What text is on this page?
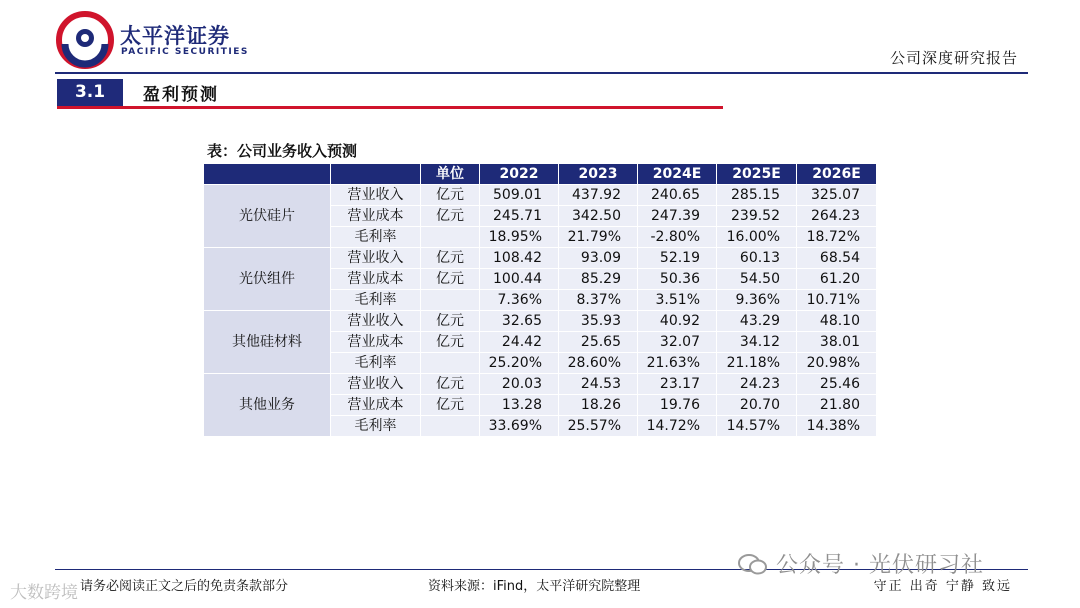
太平洋证券
PACIFIC SECURITIES	公司深度研究报告
3.1	盈利预测
表：公司业务收入预测
		单位	2022	2023	2024E	2025E	2026E
光伏硅片	营业收入	亿元	509.01	437.92	240.65	285.15	325.07
	营业成本	亿元	245.71	342.50	247.39	239.52	264.23
	毛利率		18.95%	21.79%	-2.80%	16.00%	18.72%
光伏组件	营业收入	亿元	108.42	93.09	52.19	60.13	68.54
	营业成本	亿元	100.44	85.29	50.36	54.50	61.20
	毛利率		7.36%	8.37%	3.51%	9.36%	10.71%
其他硅材料	营业收入	亿元	32.65	35.93	40.92	43.29	48.10
	营业成本	亿元	24.42	25.65	32.07	34.12	38.01
	毛利率		25.20%	28.60%	21.63%	21.18%	20.98%
其他业务	营业收入	亿元	20.03	24.53	23.17	24.23	25.46
	营业成本	亿元	13.28	18.26	19.76	20.70	21.80
	毛利率		33.69%	25.57%	14.72%	14.57%	14.38%
请务必阅读正文之后的免责条款部分	资料来源：iFind，太平洋研究院整理	守正 出奇 宁静 致远
公众号 · 光伏研习社
大数跨境
